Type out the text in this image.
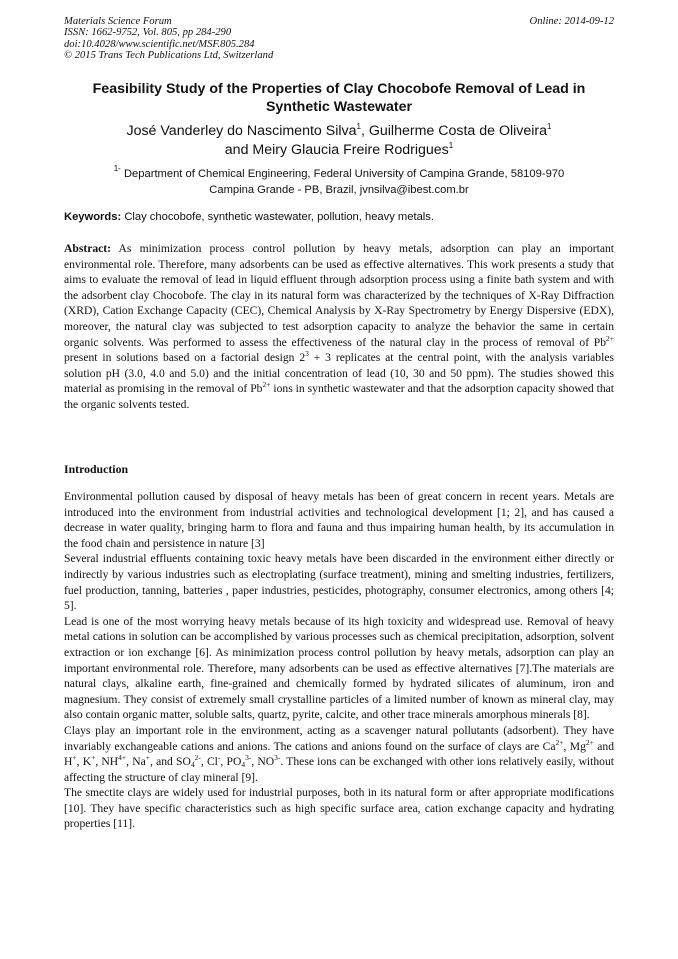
Materials Science Forum
ISSN: 1662-9752, Vol. 805, pp 284-290
doi:10.4028/www.scientific.net/MSF.805.284
© 2015 Trans Tech Publications Ltd, Switzerland
Online: 2014-09-12
Feasibility Study of the Properties of Clay Chocobofe Removal of Lead in Synthetic Wastewater
José Vanderley do Nascimento Silva$^1$, Guilherme Costa de Oliveira$^1$
and Meiry Glaucia Freire Rodrigues$^1$
$^{1-}$ Department of Chemical Engineering, Federal University of Campina Grande, 58109-970
Campina Grande - PB, Brazil, jvnsilva@ibest.com.br
Keywords: Clay chocobofe, synthetic wastewater, pollution, heavy metals.
Abstract: As minimization process control pollution by heavy metals, adsorption can play an important environmental role. Therefore, many adsorbents can be used as effective alternatives. This work presents a study that aims to evaluate the removal of lead in liquid effluent through adsorption process using a finite bath system and with the adsorbent clay Chocobofe. The clay in its natural form was characterized by the techniques of X-Ray Diffraction (XRD), Cation Exchange Capacity (CEC), Chemical Analysis by X-Ray Spectrometry by Energy Dispersive (EDX), moreover, the natural clay was subjected to test adsorption capacity to analyze the behavior the same in certain organic solvents. Was performed to assess the effectiveness of the natural clay in the process of removal of $Pb^{2+}$ present in solutions based on a factorial design $2^3 + 3$ replicates at the central point, with the analysis variables solution pH (3.0, 4.0 and 5.0) and the initial concentration of lead (10, 30 and 50 ppm). The studies showed this material as promising in the removal of $Pb^{2+}$ ions in synthetic wastewater and that the adsorption capacity showed that the organic solvents tested.
Introduction

Environmental pollution caused by disposal of heavy metals has been of great concern in recent years. Metals are introduced into the environment from industrial activities and technological development [1; 2], and has caused a decrease in water quality, bringing harm to flora and fauna and thus impairing human health, by its accumulation in the food chain and persistence in nature [3]

Several industrial effluents containing toxic heavy metals have been discarded in the environment either directly or indirectly by various industries such as electroplating (surface treatment), mining and smelting industries, fertilizers, fuel production, tanning, batteries , paper industries, pesticides, photography, consumer electronics, among others [4; 5].

Lead is one of the most worrying heavy metals because of its high toxicity and widespread use. Removal of heavy metal cations in solution can be accomplished by various processes such as chemical precipitation, adsorption, solvent extraction or ion exchange [6]. As minimization process control pollution by heavy metals, adsorption can play an important environmental role. Therefore, many adsorbents can be used as effective alternatives [7].The materials are natural clays, alkaline earth, fine-grained and chemically formed by hydrated silicates of aluminum, iron and magnesium. They consist of extremely small crystalline particles of a limited number of known as mineral clay, may also contain organic matter, soluble salts, quartz, pyrite, calcite, and other trace minerals amorphous minerals [8].

Clays play an important role in the environment, acting as a scavenger natural pollutants (adsorbent). They have invariably exchangeable cations and anions. The cations and anions found on the surface of clays are $Ca^{2+}$, $Mg^{2+}$ and H+, K+, $NH^{4+}$, Na+, and $SO_4^{2-}$, Cl-, $PO_4^{3-}$, $NO^{3-}$. These ions can be exchanged with other ions relatively easily, without affecting the structure of clay mineral [9].

The smectite clays are widely used for industrial purposes, both in its natural form or after appropriate modifications [10]. They have specific characteristics such as high specific surface area, cation exchange capacity and hydrating properties [11].
